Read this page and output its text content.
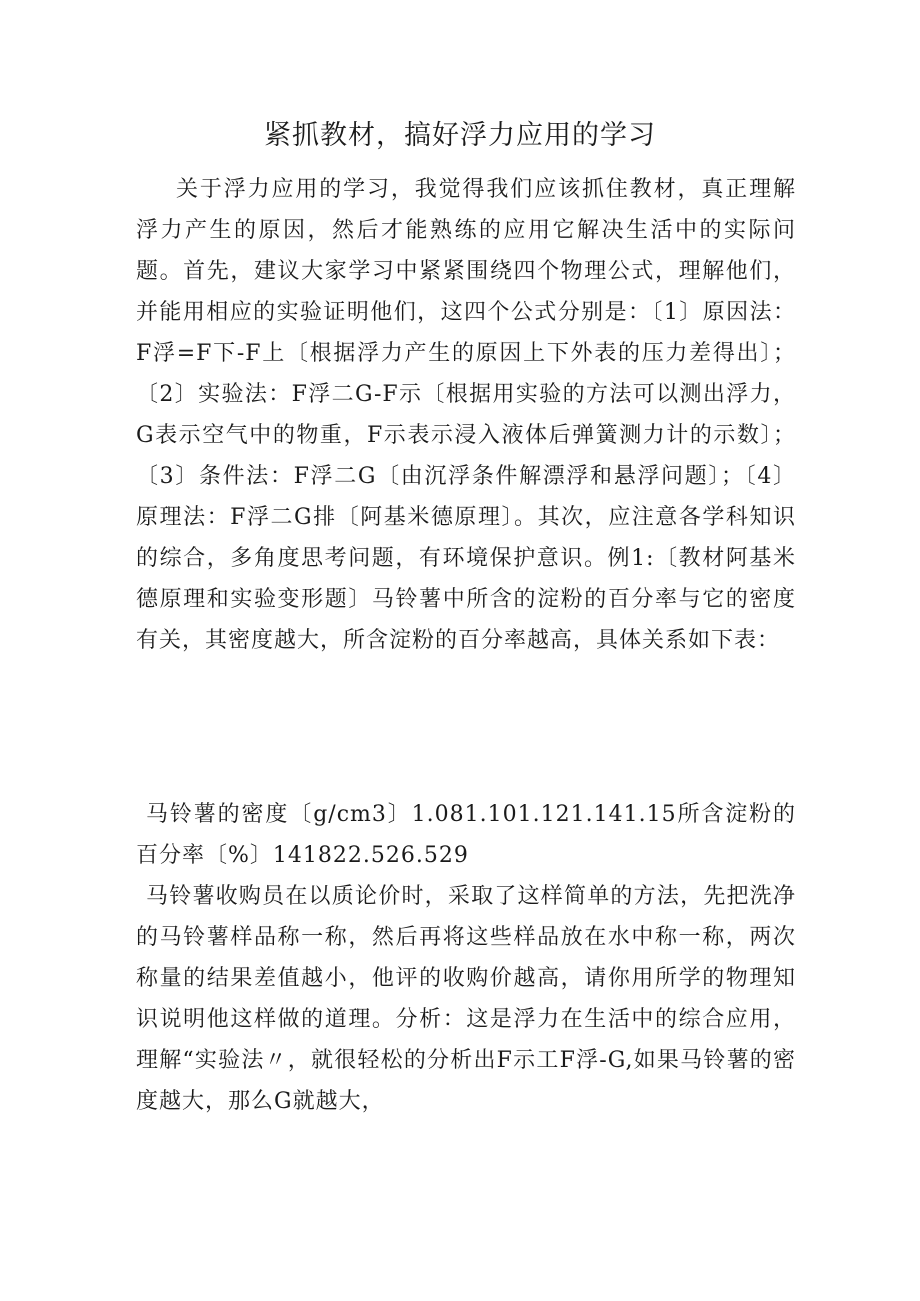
紧抓教材，搞好浮力应用的学习

关于浮力应用的学习，我觉得我们应该抓住教材，真正理解浮力产生的原因，然后才能熟练的应用它解决生活中的实际问题。首先，建议大家学习中紧紧围绕四个物理公式，理解他们，并能用相应的实验证明他们，这四个公式分别是：〔1〕原因法：F浮=F下-F上〔根据浮力产生的原因上下外表的压力差得出〕；〔2〕实验法：F浮二G-F示〔根据用实验的方法可以测出浮力，G表示空气中的物重，F示表示浸入液体后弹簧测力计的示数〕；〔3〕条件法：F浮二G〔由沉浮条件解漂浮和悬浮问题〕；〔4〕原理法：F浮二G排〔阿基米德原理〕。其次，应注意各学科知识的综合，多角度思考问题，有环境保护意识。例1:〔教材阿基米德原理和实验变形题〕马铃薯中所含的淀粉的百分率与它的密度有关，其密度越大，所含淀粉的百分率越高，具体关系如下表：

马铃薯的密度〔g/cm3〕1.081.101.121.141.15所含淀粉的百分率〔%〕141822.526.529

马铃薯收购员在以质论价时，采取了这样简单的方法，先把洗净的马铃薯样品称一称，然后再将这些样品放在水中称一称，两次称量的结果差值越小，他评的收购价越高，请你用所学的物理知识说明他这样做的道理。分析：这是浮力在生活中的综合应用，理解“实验法〃，就很轻松的分析出F示工F浮-G,如果马铃薯的密度越大，那么G就越大，
